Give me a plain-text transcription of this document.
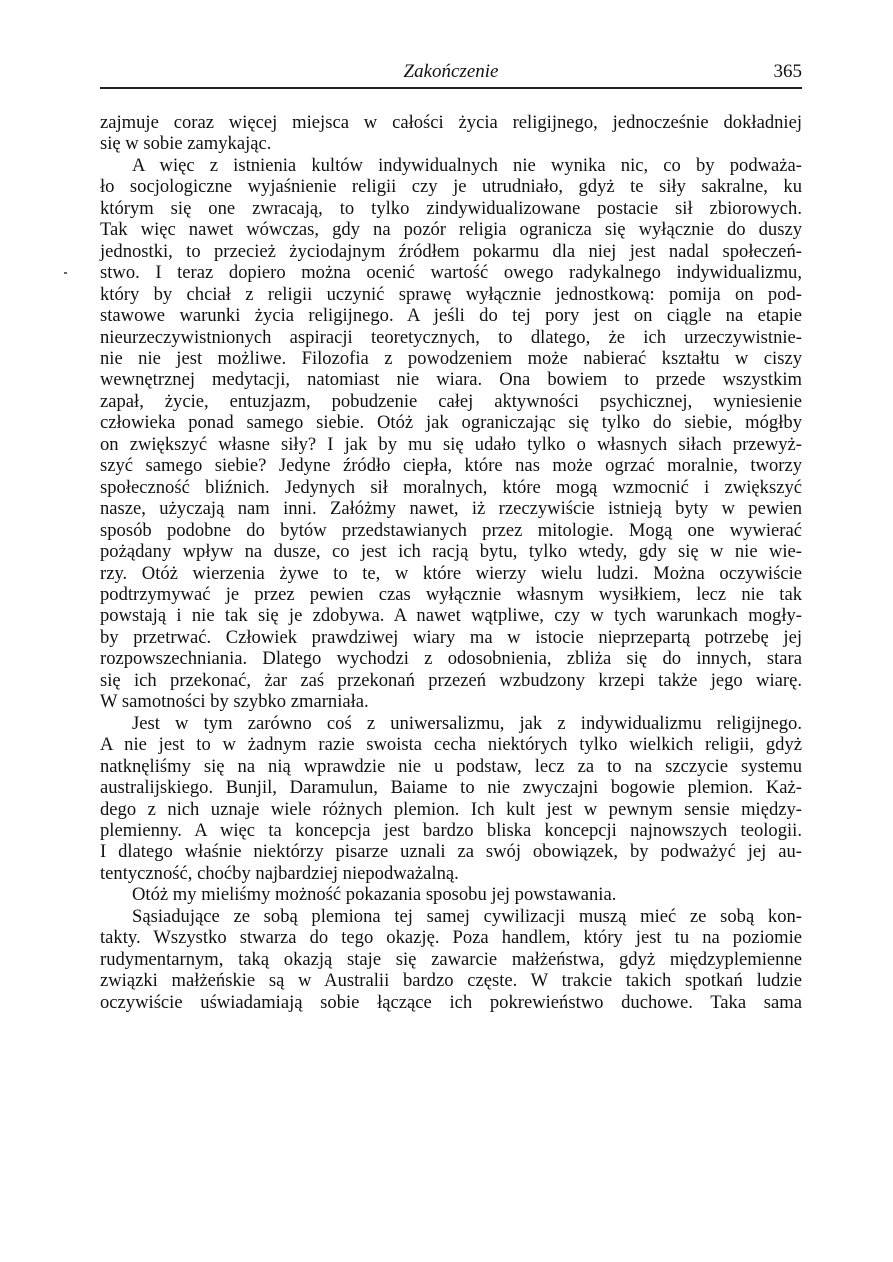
Zakończenie	365
zajmuje coraz więcej miejsca w całości życia religijnego, jednocześnie dokładniej
się w sobie zamykając.
A więc z istnienia kultów indywidualnych nie wynika nic, co by podważa-
ło socjologiczne wyjaśnienie religii czy je utrudniało, gdyż te siły sakralne, ku
którym się one zwracają, to tylko zindywidualizowane postacie sił zbiorowych.
Tak więc nawet wówczas, gdy na pozór religia ogranicza się wyłącznie do duszy
jednostki, to przecież życiodajnym źródłem pokarmu dla niej jest nadal społeczeń-
stwo. I teraz dopiero można ocenić wartość owego radykalnego indywidualizmu,
który by chciał z religii uczynić sprawę wyłącznie jednostkową: pomija on pod-
stawowe warunki życia religijnego. A jeśli do tej pory jest on ciągle na etapie
nieurzeczywistnionych aspiracji teoretycznych, to dlatego, że ich urzeczywistnie-
nie nie jest możliwe. Filozofia z powodzeniem może nabierać kształtu w ciszy
wewnętrznej medytacji, natomiast nie wiara. Ona bowiem to przede wszystkim
zapał, życie, entuzjazm, pobudzenie całej aktywności psychicznej, wyniesienie
człowieka ponad samego siebie. Otóż jak ograniczając się tylko do siebie, mógłby
on zwiększyć własne siły? I jak by mu się udało tylko o własnych siłach przewyż-
szyć samego siebie? Jedyne źródło ciepła, które nas może ogrzać moralnie, tworzy
społeczność bliźnich. Jedynych sił moralnych, które mogą wzmocnić i zwiększyć
nasze, użyczają nam inni. Załóżmy nawet, iż rzeczywiście istnieją byty w pewien
sposób podobne do bytów przedstawianych przez mitologie. Mogą one wywierać
pożądany wpływ na dusze, co jest ich racją bytu, tylko wtedy, gdy się w nie wie-
rzy. Otóż wierzenia żywe to te, w które wierzy wielu ludzi. Można oczywiście
podtrzymywać je przez pewien czas wyłącznie własnym wysiłkiem, lecz nie tak
powstają i nie tak się je zdobywa. A nawet wątpliwe, czy w tych warunkach mogły-
by przetrwać. Człowiek prawdziwej wiary ma w istocie nieprzepartą potrzebę jej
rozpowszechniania. Dlatego wychodzi z odosobnienia, zbliża się do innych, stara
się ich przekonać, żar zaś przekonań przezeń wzbudzony krzepi także jego wiarę.
W samotności by szybko zmarniała.
Jest w tym zarówno coś z uniwersalizmu, jak z indywidualizmu religijnego.
A nie jest to w żadnym razie swoista cecha niektórych tylko wielkich religii, gdyż
natknęliśmy się na nią wprawdzie nie u podstaw, lecz za to na szczycie systemu
australijskiego. Bunjil, Daramulun, Baiame to nie zwyczajni bogowie plemion. Każ-
dego z nich uznaje wiele różnych plemion. Ich kult jest w pewnym sensie między-
plemienny. A więc ta koncepcja jest bardzo bliska koncepcji najnowszych teologii.
I dlatego właśnie niektórzy pisarze uznali za swój obowiązek, by podważyć jej au-
tentyczność, choćby najbardziej niepodważalną.
Otóż my mieliśmy możność pokazania sposobu jej powstawania.
Sąsiadujące ze sobą plemiona tej samej cywilizacji muszą mieć ze sobą kon-
takty. Wszystko stwarza do tego okazję. Poza handlem, który jest tu na poziomie
rudymentarnym, taką okazją staje się zawarcie małżeństwa, gdyż międzyplemienne
związki małżeńskie są w Australii bardzo częste. W trakcie takich spotkań ludzie
oczywiście uświadamiają sobie łączące ich pokrewieństwo duchowe. Taka sama
